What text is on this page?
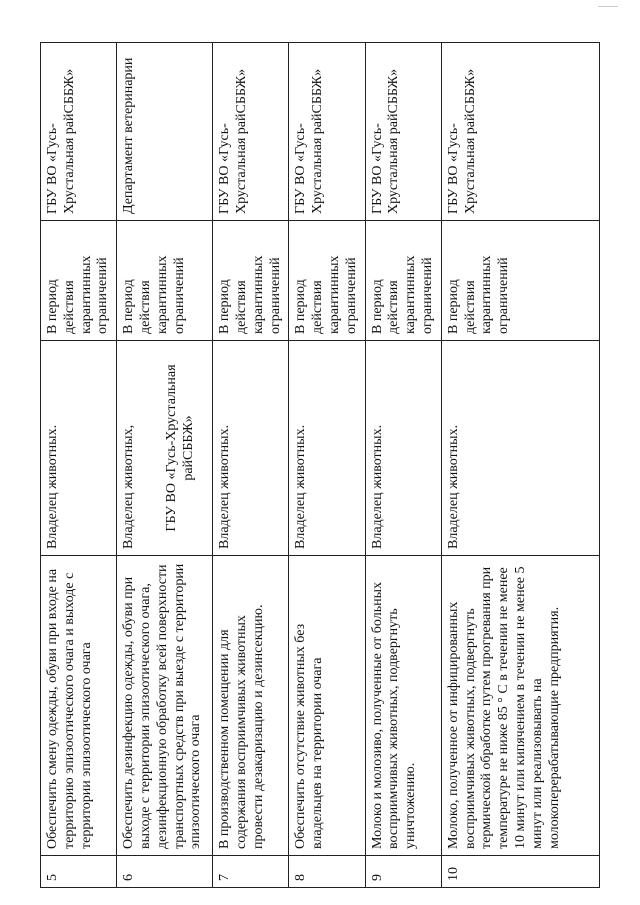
5	Обеспечить смену одежды, обуви при входе на территорию эпизоотического очага и выходе с территории эпизоотического очага	Владелец животных.	В период действия карантинных ограничений	ГБУ ВО «Гусь-Хрустальная райСББЖ»
6	Обеспечить дезинфекцию одежды, обуви при выходе с территории эпизоотического очага, дезинфекционную обработку всей поверхности транспортных средств при выезде с территории эпизоотического очага	Владелец животных, ГБУ ВО «Гусь-Хрустальная райСББЖ»	В период действия карантинных ограничений	Департамент ветеринарии
7	В производственном помещении для содержания восприимчивых животных провести дезакаризацию и дезинсекцию.	Владелец животных.	В период действия карантинных ограничений	ГБУ ВО «Гусь-Хрустальная райСББЖ»
8	Обеспечить отсутствие животных без владельцев на территории очага	Владелец животных.	В период действия карантинных ограничений	ГБУ ВО «Гусь-Хрустальная райСББЖ»
9	Молоко и молозиво, полученные от больных восприимчивых животных, подвергнуть уничтожению.	Владелец животных.	В период действия карантинных ограничений	ГБУ ВО «Гусь-Хрустальная райСББЖ»
10	Молоко, полученное от инфицированных восприимчивых животных, подвергнуть термической обработке путем прогревания при температуре не ниже 85 ° С в течении не менее 10 минут или кипячением в течении не менее 5 минут или реализовывать на молокоперерабатывающие предприятия.	Владелец животных.	В период действия карантинных ограничений	ГБУ ВО «Гусь-Хрустальная райСББЖ»
